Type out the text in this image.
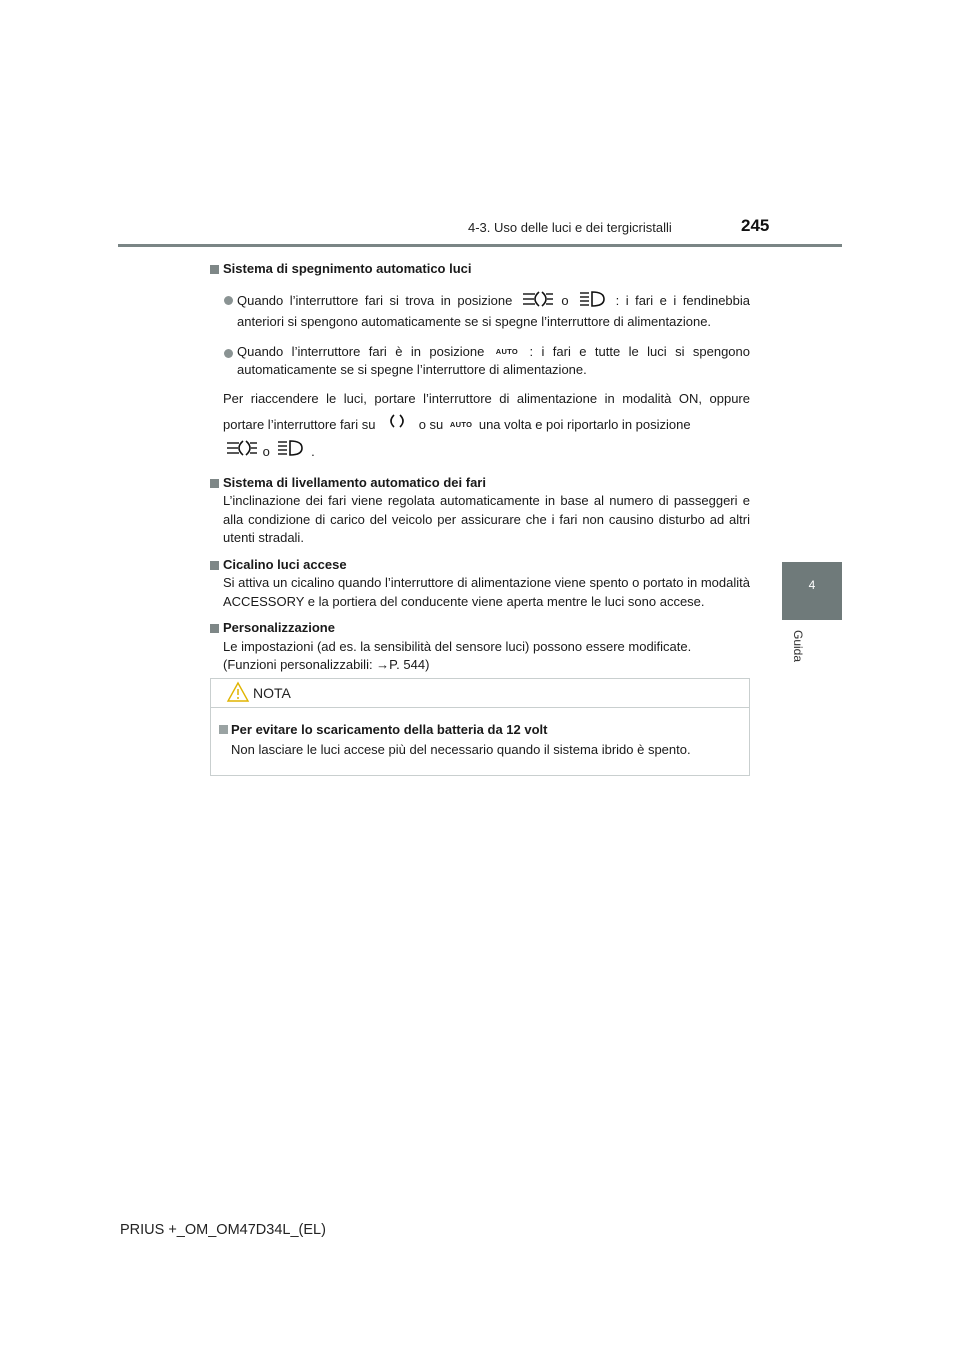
4-3. Uso delle luci e dei tergicristalli	245
4
Guida
Sistema di spegnimento automatico luci
Quando l’interruttore fari si trova in posizione	o	: i fari e i fendinebbia anteriori si spengono automaticamente se si spegne l’interruttore di alimentazione.
Quando l’interruttore fari è in posizione AUTO : i fari e tutte le luci si spengono automaticamente se si spegne l’interruttore di alimentazione.
Per riaccendere le luci, portare l’interruttore di alimentazione in modalità ON, oppure portare l’interruttore fari su	o su AUTO una volta e poi riportarlo in posizione
o	.
Sistema di livellamento automatico dei fari
L’inclinazione dei fari viene regolata automaticamente in base al numero di passeggeri e alla condizione di carico del veicolo per assicurare che i fari non causino disturbo ad altri utenti stradali.
Cicalino luci accese
Si attiva un cicalino quando l’interruttore di alimentazione viene spento o portato in modalità ACCESSORY e la portiera del conducente viene aperta mentre le luci sono accese.
Personalizzazione
Le impostazioni (ad es. la sensibilità del sensore luci) possono essere modificate.
(Funzioni personalizzabili: →P. 544)
NOTA
Per evitare lo scaricamento della batteria da 12 volt
Non lasciare le luci accese più del necessario quando il sistema ibrido è spento.
PRIUS +_OM_OM47D34L_(EL)
